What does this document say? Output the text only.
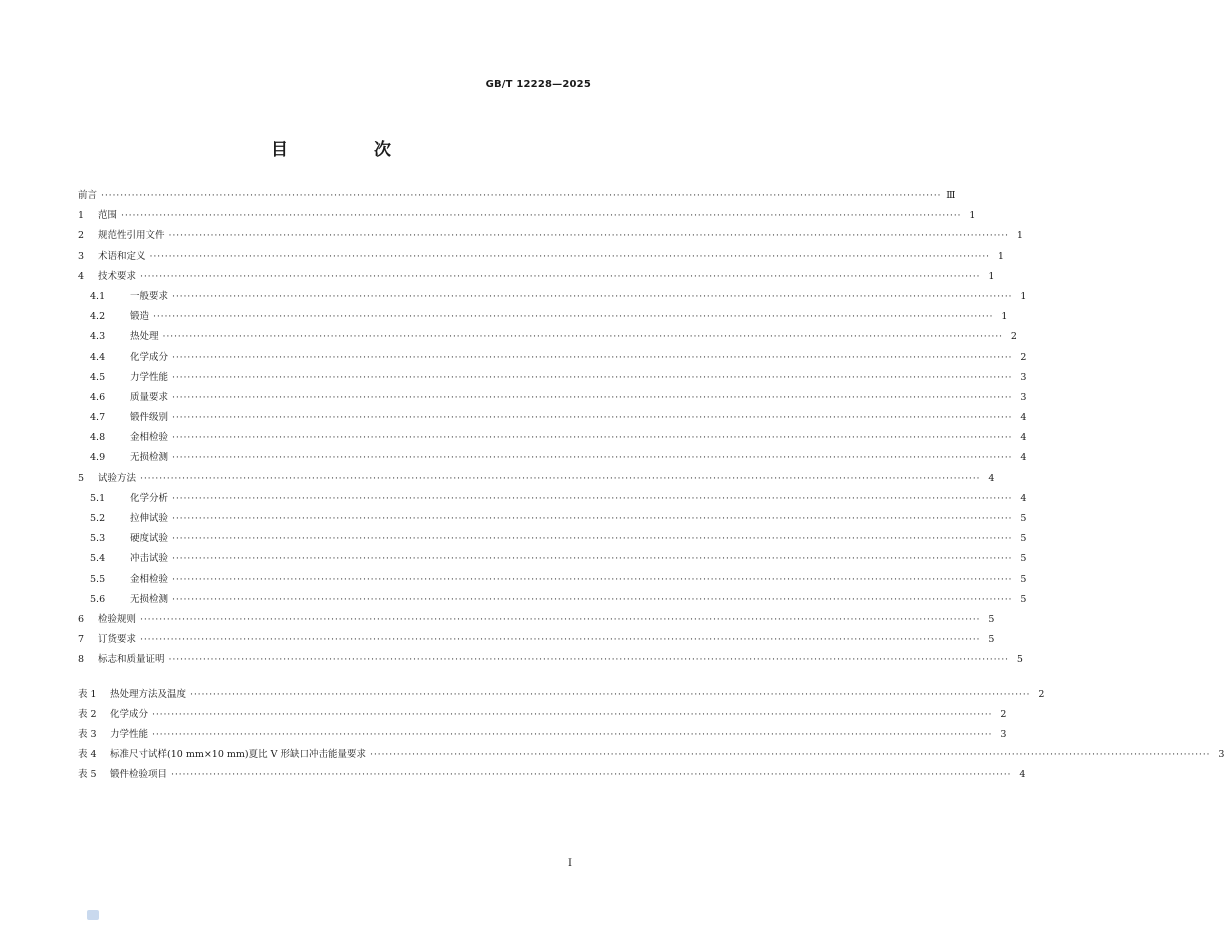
GB/T 12228—2025
目 次
前言 ···························································································································································································································· Ⅲ
1	范围 ···························································································································································································································· 1
2	规范性引用文件 ···························································································································································································································· 1
3	术语和定义 ···························································································································································································································· 1
4	技术要求 ···························································································································································································································· 1
4.1	一般要求 ···························································································································································································································· 1
4.2	锻造 ···························································································································································································································· 1
4.3	热处理 ···························································································································································································································· 2
4.4	化学成分 ···························································································································································································································· 2
4.5	力学性能 ···························································································································································································································· 3
4.6	质量要求 ···························································································································································································································· 3
4.7	锻件级别 ···························································································································································································································· 4
4.8	金相检验 ···························································································································································································································· 4
4.9	无损检测 ···························································································································································································································· 4
5	试验方法 ···························································································································································································································· 4
5.1	化学分析 ···························································································································································································································· 4
5.2	拉伸试验 ···························································································································································································································· 5
5.3	硬度试验 ···························································································································································································································· 5
5.4	冲击试验 ···························································································································································································································· 5
5.5	金相检验 ···························································································································································································································· 5
5.6	无损检测 ···························································································································································································································· 5
6	检验规则 ···························································································································································································································· 5
7	订货要求 ···························································································································································································································· 5
8	标志和质量证明 ···························································································································································································································· 5
表 1	热处理方法及温度 ···························································································································································································································· 2
表 2	化学成分 ···························································································································································································································· 2
表 3	力学性能 ···························································································································································································································· 3
表 4	标准尺寸试样(10 mm×10 mm)夏比 V 形缺口冲击能量要求 ···························································································································································································································· 3
表 5	锻件检验项目 ···························································································································································································································· 4
I
